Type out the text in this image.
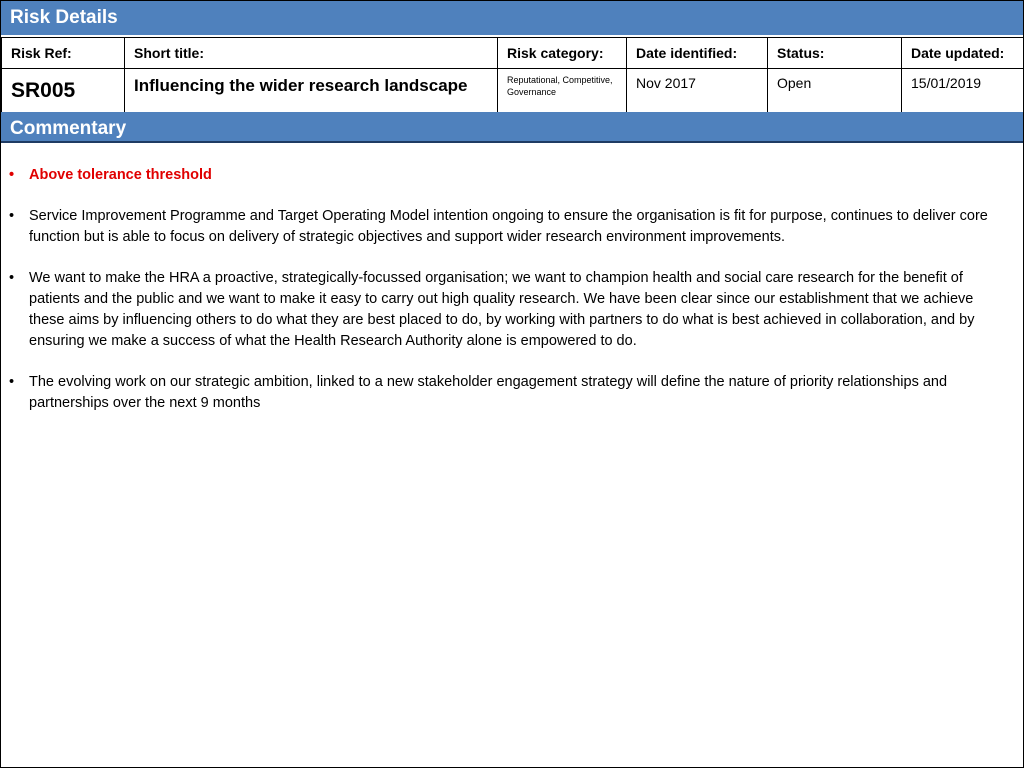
Risk Details
Risk Ref:	Short title:	Risk category:	Date identified:	Status:	Date updated:

SR005	Influencing the wider research landscape	Reputational, Competitive, Governance	Nov 2017	Open	15/01/2019
Commentary
•	Above tolerance threshold
•	Service Improvement Programme and Target Operating Model intention ongoing to ensure the organisation is fit for purpose, continues to deliver core function but is able to focus on delivery of strategic objectives and support wider research environment improvements.
•	We want to make the HRA a proactive, strategically-focussed organisation; we want to champion health and social care research for the benefit of patients and the public and we want to make it easy to carry out high quality research. We have been clear since our establishment that we achieve these aims by influencing others to do what they are best placed to do, by working with partners to do what is best achieved in collaboration, and by ensuring we make a success of what the Health Research Authority alone is empowered to do.
•	The evolving work on our strategic ambition, linked to a new stakeholder engagement strategy will define the nature of priority relationships and partnerships over the next 9 months
